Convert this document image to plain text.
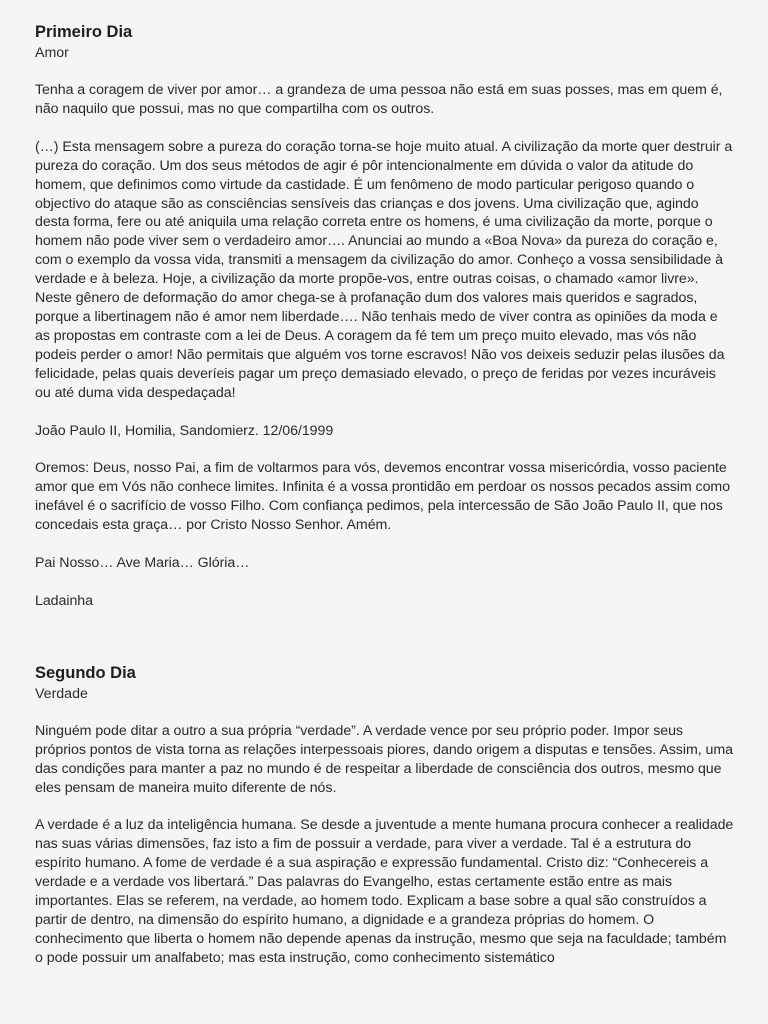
Primeiro Dia
Amor

Tenha a coragem de viver por amor… a grandeza de uma pessoa não está em suas posses, mas em quem é, não naquilo que possui, mas no que compartilha com os outros.

(…) Esta mensagem sobre a pureza do coração torna-se hoje muito atual. A civilização da morte quer destruir a pureza do coração. Um dos seus métodos de agir é pôr intencionalmente em dúvida o valor da atitude do homem, que definimos como virtude da castidade. É um fenômeno de modo particular perigoso quando o objectivo do ataque são as consciências sensíveis das crianças e dos jovens. Uma civilização que, agindo desta forma, fere ou até aniquila uma relação correta entre os homens, é uma civilização da morte, porque o homem não pode viver sem o verdadeiro amor…. Anunciai ao mundo a «Boa Nova» da pureza do coração e, com o exemplo da vossa vida, transmiti a mensagem da civilização do amor. Conheço a vossa sensibilidade à verdade e à beleza. Hoje, a civilização da morte propõe-vos, entre outras coisas, o chamado «amor livre». Neste gênero de deformação do amor chega-se à profanação dum dos valores mais queridos e sagrados, porque a libertinagem não é amor nem liberdade…. Não tenhais medo de viver contra as opiniões da moda e as propostas em contraste com a lei de Deus. A coragem da fé tem um preço muito elevado, mas vós não podeis perder o amor! Não permitais que alguém vos torne escravos! Não vos deixeis seduzir pelas ilusões da felicidade, pelas quais deveríeis pagar um preço demasiado elevado, o preço de feridas por vezes incuráveis ou até duma vida despedaçada!

João Paulo II, Homilia, Sandomierz. 12/06/1999

Oremos: Deus, nosso Pai, a fim de voltarmos para vós, devemos encontrar vossa misericórdia, vosso paciente amor que em Vós não conhece limites. Infinita é a vossa prontidão em perdoar os nossos pecados assim como inefável é o sacrifício de vosso Filho. Com confiança pedimos, pela intercessão de São João Paulo II, que nos concedais esta graça… por Cristo Nosso Senhor. Amém.

Pai Nosso… Ave Maria… Glória…

Ladainha

Segundo Dia
Verdade

Ninguém pode ditar a outro a sua própria “verdade”. A verdade vence por seu próprio poder. Impor seus próprios pontos de vista torna as relações interpessoais piores, dando origem a disputas e tensões. Assim, uma das condições para manter a paz no mundo é de respeitar a liberdade de consciência dos outros, mesmo que eles pensam de maneira muito diferente de nós.

A verdade é a luz da inteligência humana. Se desde a juventude a mente humana procura conhecer a realidade nas suas várias dimensões, faz isto a fim de possuir a verdade, para viver a verdade. Tal é a estrutura do espírito humano. A fome de verdade é a sua aspiração e expressão fundamental. Cristo diz: “Conhecereis a verdade e a verdade vos libertará.” Das palavras do Evangelho, estas certamente estão entre as mais importantes. Elas se referem, na verdade, ao homem todo. Explicam a base sobre a qual são construídos a partir de dentro, na dimensão do espírito humano, a dignidade e a grandeza próprias do homem. O conhecimento que liberta o homem não depende apenas da instrução, mesmo que seja na faculdade; também o pode possuir um analfabeto; mas esta instrução, como conhecimento sistemático
